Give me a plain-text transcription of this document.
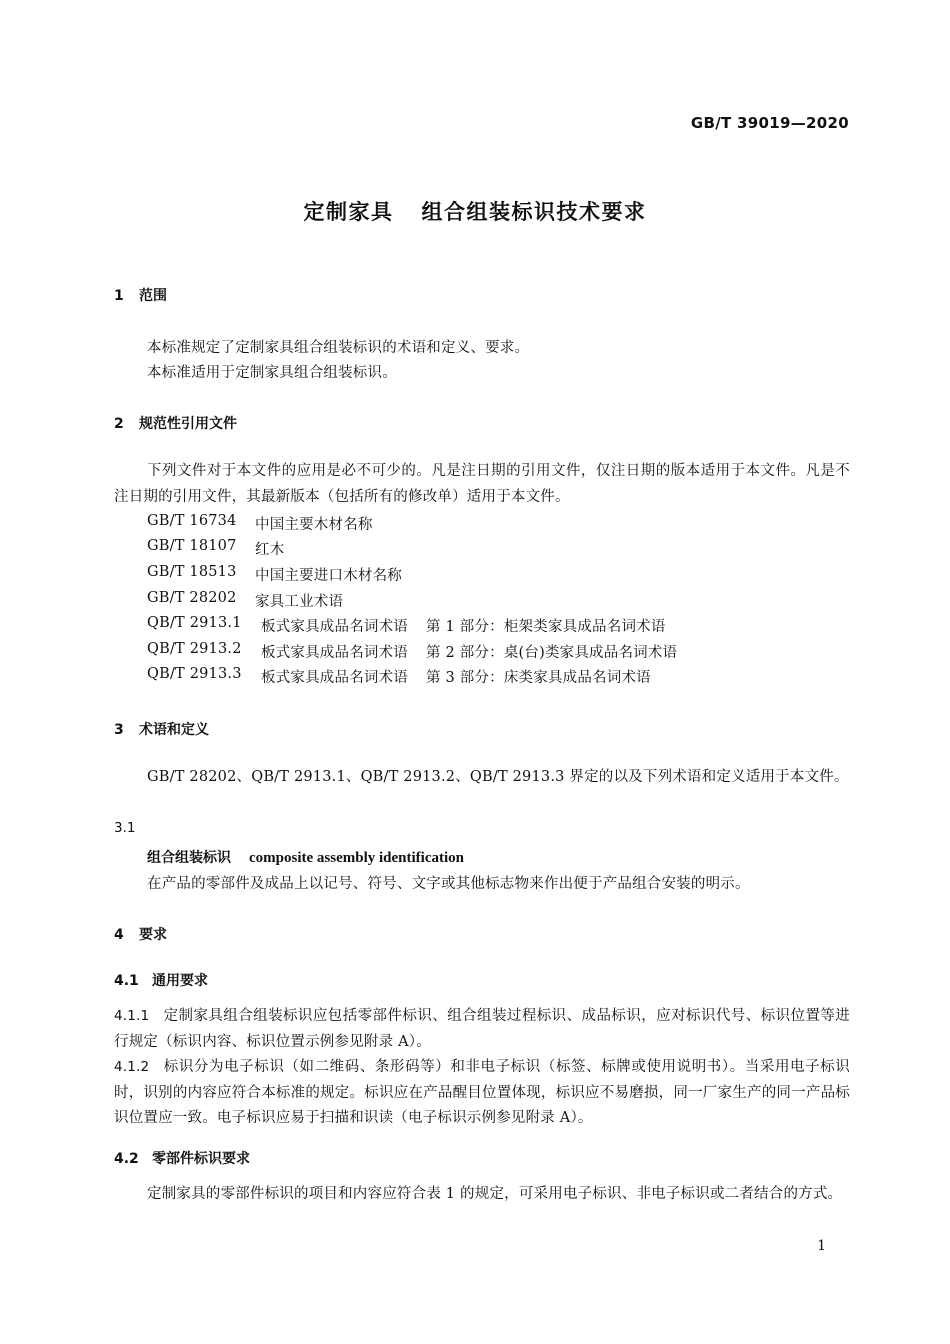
GB/T 39019—2020
定制家具 组合组装标识技术要求
1 范围
本标准规定了定制家具组合组装标识的术语和定义、要求。
本标准适用于定制家具组合组装标识。
2 规范性引用文件
下列文件对于本文件的应用是必不可少的。凡是注日期的引用文件，仅注日期的版本适用于本文件。凡是不注日期的引用文件，其最新版本（包括所有的修改单）适用于本文件。
GB/T 16734	中国主要木材名称
GB/T 18107	红木
GB/T 18513	中国主要进口木材名称
GB/T 28202	家具工业术语
QB/T 2913.1	板式家具成品名词术语 第 1 部分：柜架类家具成品名词术语
QB/T 2913.2	板式家具成品名词术语 第 2 部分：桌(台)类家具成品名词术语
QB/T 2913.3	板式家具成品名词术语 第 3 部分：床类家具成品名词术语
3 术语和定义
GB/T 28202、QB/T 2913.1、QB/T 2913.2、QB/T 2913.3 界定的以及下列术语和定义适用于本文件。
3.1
组合组装标识 composite assembly identification
在产品的零部件及成品上以记号、符号、文字或其他标志物来作出便于产品组合安装的明示。
4 要求
4.1 通用要求
4.1.1 定制家具组合组装标识应包括零部件标识、组合组装过程标识、成品标识，应对标识代号、标识位置等进行规定（标识内容、标识位置示例参见附录 A）。
4.1.2 标识分为电子标识（如二维码、条形码等）和非电子标识（标签、标牌或使用说明书）。当采用电子标识时，识别的内容应符合本标准的规定。标识应在产品醒目位置体现，标识应不易磨损，同一厂家生产的同一产品标识位置应一致。电子标识应易于扫描和识读（电子标识示例参见附录 A）。
4.2 零部件标识要求
定制家具的零部件标识的项目和内容应符合表 1 的规定，可采用电子标识、非电子标识或二者结合的方式。
1
